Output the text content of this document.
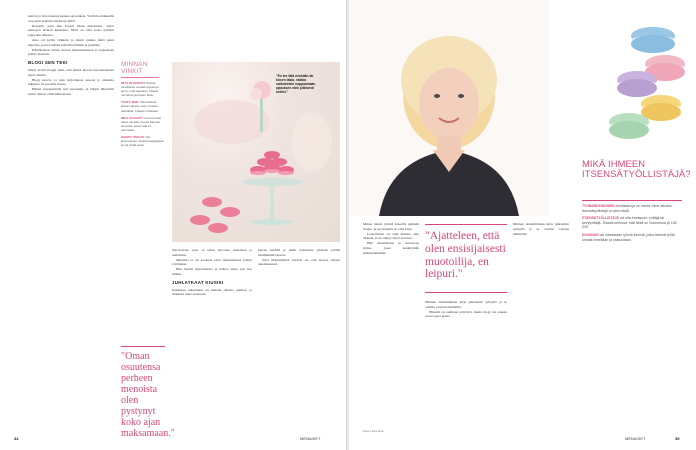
kahvia ja leivonnaisia kesken uuvuuksia. Ystävän eläkkeellä on paljon kauniita muistoja niiltä.

Reseptit, joita hän kopioi käsin kirjoittaen, olivat kansojen kesken kuuluisia. Niitä on ollut koko kylässä ylpeyden aiheena.

Aina oli kylän vilkkain ja tutuin paikka tämä pieni leipomo, jossa istuttiin kahvilla pitkään ja juteltiin.

Päiväkodista tultiin kerran herkuttelemaan ja leipomaan pullaa yhdessä.

BLOGI SEN TEKI

Oliivi aloitti blogin siksi, että halusi kuvata leivonnaisiaan myös muille.

Blogi kasvoi, ja pian kirjoituksia seurasi jo tuhansia lukijoita eri puolilla maata.

Hänen resepteistään tuli suosittuja, ja lukijat lähettivät kuvia omista onnistumisistaan.

MINNAN VINKIT
MITÄ BLOGISTA? Kirjoita rehellisesti omasta arjesta ja kerro, mitä tapahtuu. Muista tunnelma ja kuvien laatu.
TÄSTÄ AIHE: Kiinnostavat aiheet tulevat usein omasta elämästä. Kokeile rohkeasti.
MIKÄ KUVAAN? Luonnonvalo tekee ihmeitä. Kuvaa ikkunan vieressä, jossa valo on pehmeää.
KEHITÄ ITSEÄSI: Ole kiinnostunut muista bloggaajista ja opi heiltä uutta.
"Oman osuutensa perheen menoista olen pystynyt koko ajan maksamaan."
"En tee tätä minkään tai toisen takia, vaikka sattuisinkin nappaamaan ajatuksen näin julkisesti kotiini."

macaronsia, joita on tullut leivottua uudelleen ja uudelleen.

Minnalla ei ole koskaan ollut suunnitelmaa ryhtyä yrittäjäksi.

Hän nauttii leipomisesta ja haluaa jakaa sen iloa muille.

JUHLATKAAT KIUSIKI

Kakkujen tekeminen on hänelle rakasta puuhaa, ja tilauksia tulee tasaisesti.

kerran kesällä ja minä aloitimme yhdessä yrittää ensimmäistä kertaa.

Yksi tärkeimmistä asioista on, että luottaa omaan tekemiseensä.

34	MENAISET

Minna halusi yrittää kokeilla pelkkää blogia, ja nyt hänellä on oma kirja.

Leipominen on ollut hänelle aina tärkeää, ja ilo näkyy myös kuvissa.

Hän suunnittelee jo seuraavaa kirjaa, jossa keskitytään juhlaherkkuihin.

"Ajatteleen, että olen ensisijaisesti muotoilija, en leipuri."

Minnan ensimmäinen kirja julkaistiin syksyllä ja se otettiin vastaan lämmöllä.

Hänellä on edelleen päivätyö, mutta blogi vie suuren osan vapaa-ajasta.

Minnan ensimmäinen kirja julkaistiin syksyllä ja se otettiin vastaan lämmöllä.

MIKÄ IHMEEN ITSENSÄTYÖLLISTÄJÄ?

TYÖMARKKINOIDEN trendisanoja on monia viime aikoina. Itsensätyöllistäjä on yksi niistä.

ITSENSÄTYÖLLISTÄJÄ voi olla freelancer, yrittäjä tai kevytyrittäjä. Tilastot kertovat, että heitä on Suomessa yli 150 000.

DOUSHAN vai oikeastaan ryhmä ihmisiä, jotka tekevät työtä omalla nimellään ja vastuullaan.

Kuva: Laura Vesa
MENAISET	35
